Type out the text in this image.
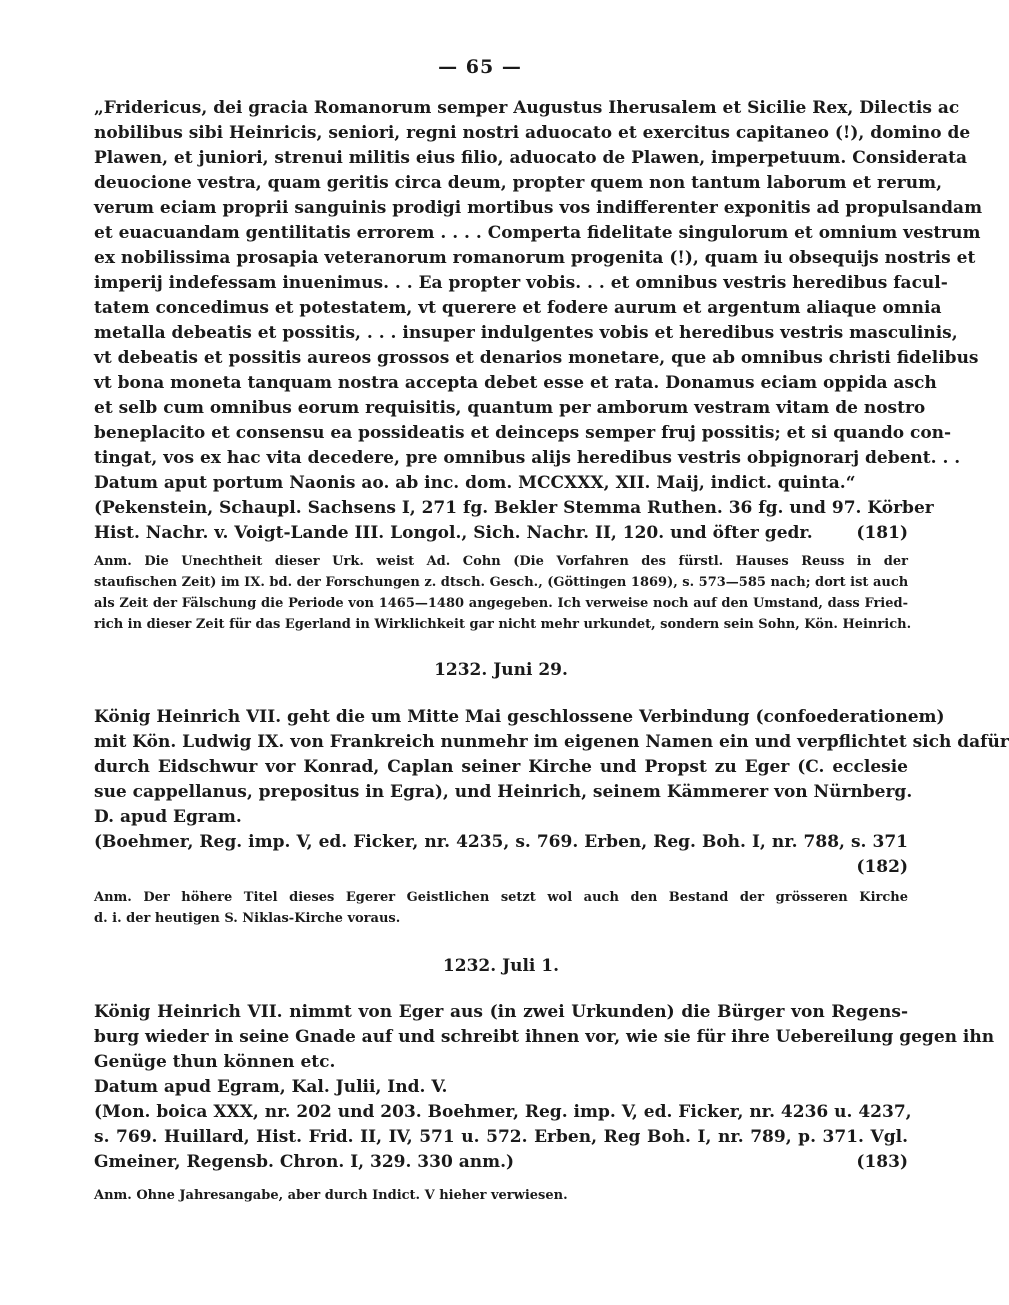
— 65 —
„Fridericus, dei gracia Romanorum semper Augustus Iherusalem et Sicilie Rex, Dilectis ac
nobilibus sibi Heinricis, seniori, regni nostri aduocato et exercitus capitaneo (!), domino de
Plawen, et juniori, strenui militis eius filio, aduocato de Plawen, imperpetuum. Considerata
deuocione vestra, quam geritis circa deum, propter quem non tantum laborum et rerum,
verum eciam proprii sanguinis prodigi mortibus vos indifferenter exponitis ad propulsandam
et euacuandam gentilitatis errorem . . . . Comperta fidelitate singulorum et omnium vestrum
ex nobilissima prosapia veteranorum romanorum progenita (!), quam iu obsequijs nostris et
imperij indefessam inuenimus. . . Ea propter vobis. . . et omnibus vestris heredibus facul-
tatem concedimus et potestatem, vt querere et fodere aurum et argentum aliaque omnia
metalla debeatis et possitis, . . . insuper indulgentes vobis et heredibus vestris masculinis,
vt debeatis et possitis aureos grossos et denarios monetare, que ab omnibus christi fidelibus
vt bona moneta tanquam nostra accepta debet esse et rata. Donamus eciam oppida asch
et selb cum omnibus eorum requisitis, quantum per amborum vestram vitam de nostro
beneplacito et consensu ea possideatis et deinceps semper fruj possitis; et si quando con-
tingat, vos ex hac vita decedere, pre omnibus alijs heredibus vestris obpignorarj debent. . .
Datum aput portum Naonis ao. ab inc. dom. MCCXXX, XII. Maij, indict. quinta.“
(Pekenstein, Schaupl. Sachsens I, 271 fg. Bekler Stemma Ruthen. 36 fg. und 97. Körber
Hist. Nachr. v. Voigt-Lande III. Longol., Sich. Nachr. II, 120. und öfter gedr.	(181)
Anm. Die Unechtheit dieser Urk. weist Ad. Cohn (Die Vorfahren des fürstl. Hauses Reuss in der
staufischen Zeit) im IX. bd. der Forschungen z. dtsch. Gesch., (Göttingen 1869), s. 573—585 nach; dort ist auch
als Zeit der Fälschung die Periode von 1465—1480 angegeben. Ich verweise noch auf den Umstand, dass Fried-
rich in dieser Zeit für das Egerland in Wirklichkeit gar nicht mehr urkundet, sondern sein Sohn, Kön. Heinrich.
1232. Juni 29.
König Heinrich VII. geht die um Mitte Mai geschlossene Verbindung (confoederationem)
mit Kön. Ludwig IX. von Frankreich nunmehr im eigenen Namen ein und verpflichtet sich dafür
durch Eidschwur vor Konrad, Caplan seiner Kirche und Propst zu Eger (C. ecclesie
sue cappellanus, prepositus in Egra), und Heinrich, seinem Kämmerer von Nürnberg.
D. apud Egram.
(Boehmer, Reg. imp. V, ed. Ficker, nr. 4235, s. 769. Erben, Reg. Boh. I, nr. 788, s. 371
(182)
Anm. Der höhere Titel dieses Egerer Geistlichen setzt wol auch den Bestand der grösseren Kirche
d. i. der heutigen S. Niklas-Kirche voraus.
1232. Juli 1.
König Heinrich VII. nimmt von Eger aus (in zwei Urkunden) die Bürger von Regens-
burg wieder in seine Gnade auf und schreibt ihnen vor, wie sie für ihre Uebereilung gegen ihn
Genüge thun können etc.
Datum apud Egram, Kal. Julii, Ind. V.
(Mon. boica XXX, nr. 202 und 203. Boehmer, Reg. imp. V, ed. Ficker, nr. 4236 u. 4237,
s. 769. Huillard, Hist. Frid. II, IV, 571 u. 572. Erben, Reg Boh. I, nr. 789, p. 371. Vgl.
Gmeiner, Regensb. Chron. I, 329. 330 anm.)	(183)
Anm. Ohne Jahresangabe, aber durch Indict. V hieher verwiesen.
